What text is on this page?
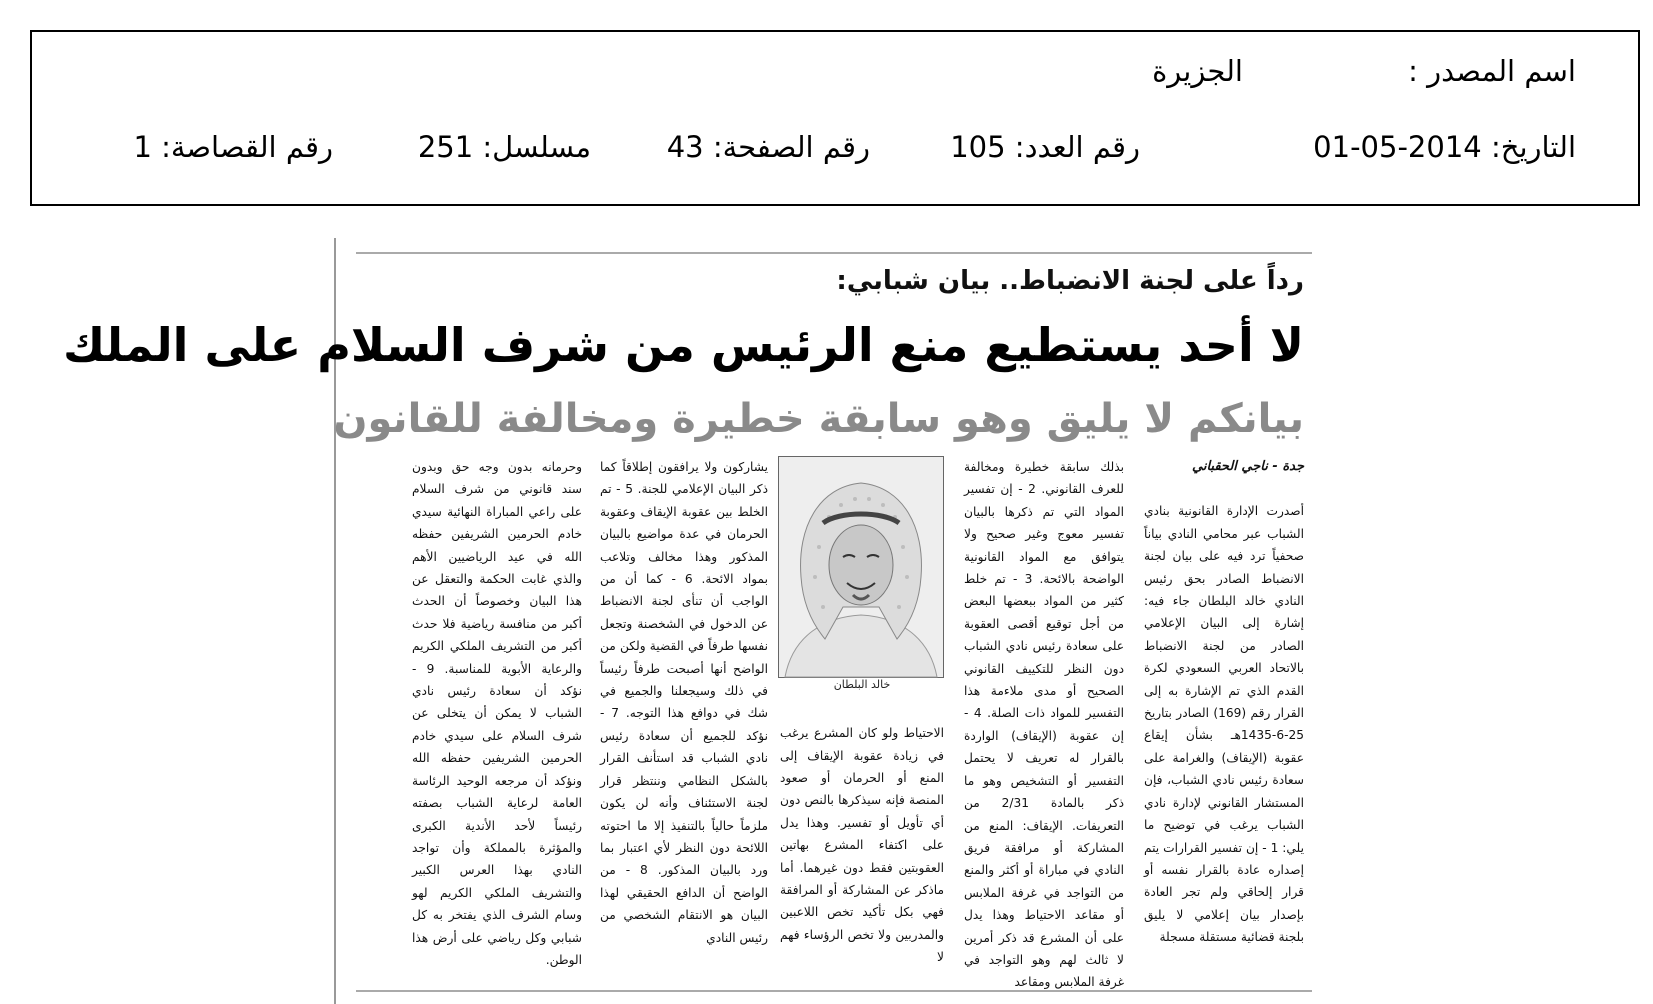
اسم المصدر :
الجزيرة
التاريخ: 2014-05-01
رقم العدد: 105
رقم الصفحة: 43
مسلسل: 251
رقم القصاصة: 1
رداً على لجنة الانضباط.. بيان شبابي:
لا أحد يستطيع منع الرئيس من شرف السلام على الملك
بيانكم لا يليق وهو سابقة خطيرة ومخالفة للقانون
جدة - ناجي الحقباني

أصدرت الإدارة القانونية بنادي الشباب عبر محامي النادي بياناً صحفياً ترد فيه على بيان لجنة الانضباط الصادر بحق رئيس النادي خالد البلطان جاء فيه: إشارة إلى البيان الإعلامي الصادر من لجنة الانضباط بالاتحاد العربي السعودي لكرة القدم الذي تم الإشارة به إلى القرار رقم (169) الصادر بتاريخ 25-6-1435هـ بشأن إيقاع عقوبة (الإيقاف) والغرامة على سعادة رئيس نادي الشباب، فإن المستشار القانوني لإدارة نادي الشباب يرغب في توضيح ما يلي: 1 - إن تفسير القرارات يتم إصداره عادة بالقرار نفسه أو قرار إلحاقي ولم تجر العادة بإصدار بيان إعلامي لا يليق بلجنة قضائية مستقلة مسجلة

بذلك سابقة خطيرة ومخالفة للعرف القانوني. 2 - إن تفسير المواد التي تم ذكرها بالبيان تفسير معوج وغير صحيح ولا يتوافق مع المواد القانونية الواضحة بالائحة. 3 - تم خلط كثير من المواد ببعضها البعض من أجل توقيع أقصى العقوبة على سعادة رئيس نادي الشباب دون النظر للتكييف القانوني الصحيح أو مدى ملاءمة هذا التفسير للمواد ذات الصلة. 4 - إن عقوبة (الإيقاف) الواردة بالقرار له تعريف لا يحتمل التفسير أو التشخيص وهو ما ذكر بالمادة 2/31 من التعريفات. الإيقاف: المنع من المشاركة أو مرافقة فريق النادي في مباراة أو أكثر والمنع من التواجد في غرفة الملابس أو مقاعد الاحتياط وهذا يدل على أن المشرع قد ذكر أمرين لا ثالث لهم وهو التواجد في غرفة الملابس ومقاعد

خالد البلطان

الاحتياط ولو كان المشرع يرغب في زيادة عقوبة الإيقاف إلى المنع أو الحرمان أو صعود المنصة فإنه سيذكرها بالنص دون أي تأويل أو تفسير. وهذا يدل على اكتفاء المشرع بهاتين العقوبتين فقط دون غيرهما. أما ماذكر عن المشاركة أو المرافقة فهي بكل تأكيد تخص اللاعبين والمدربين ولا تخص الرؤساء فهم لا

يشاركون ولا يرافقون إطلاقاً كما ذكر البيان الإعلامي للجنة. 5 - تم الخلط بين عقوبة الإيقاف وعقوبة الحرمان في عدة مواضيع بالبيان المذكور وهذا مخالف وتلاعب بمواد الائحة. 6 - كما أن من الواجب أن تنأى لجنة الانضباط عن الدخول في الشخصنة وتجعل نفسها طرفاً في القضية ولكن من الواضح أنها أصبحت طرفاً رئيساً في ذلك وسيجعلنا والجميع في شك في دوافع هذا التوجه. 7 - نؤكد للجميع أن سعادة رئيس نادي الشباب قد استأنف القرار بالشكل النظامي وننتظر قرار لجنة الاستئناف وأنه لن يكون ملزماً حالياً بالتنفيذ إلا ما احتوته اللائحة دون النظر لأي اعتبار بما ورد بالبيان المذكور. 8 - من الواضح أن الدافع الحقيقي لهذا البيان هو الانتقام الشخصي من رئيس النادي

وحرمانه بدون وجه حق وبدون سند قانوني من شرف السلام على راعي المباراة النهائية سيدي خادم الحرمين الشريفين حفظه الله في عيد الرياضيين الأهم والذي غابت الحكمة والتعقل عن هذا البيان وخصوصاً أن الحدث أكبر من منافسة رياضية فلا حدث أكبر من التشريف الملكي الكريم والرعاية الأبوية للمناسبة. 9 - نؤكد أن سعادة رئيس نادي الشباب لا يمكن أن يتخلى عن شرف السلام على سيدي خادم الحرمين الشريفين حفظه الله ونؤكد أن مرجعه الوحيد الرئاسة العامة لرعاية الشباب بصفته رئيساً لأحد الأندية الكبرى والمؤثرة بالمملكة وأن تواجد النادي بهذا العرس الكبير والتشريف الملكي الكريم لهو وسام الشرف الذي يفتخر به كل شبابي وكل رياضي على أرض هذا الوطن.
